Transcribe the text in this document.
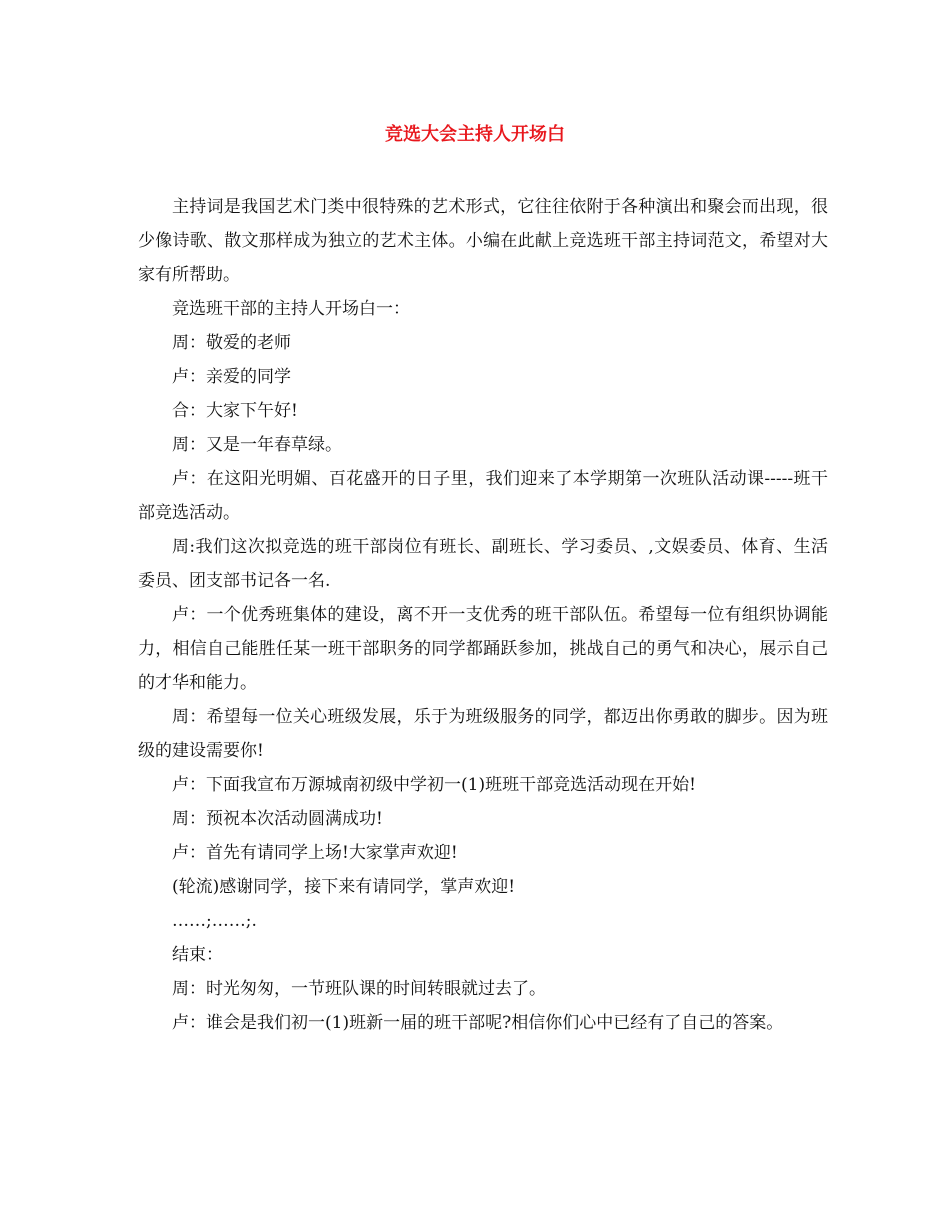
竞选大会主持人开场白

主持词是我国艺术门类中很特殊的艺术形式，它往往依附于各种演出和聚会而出现，很少像诗歌、散文那样成为独立的艺术主体。小编在此献上竞选班干部主持词范文，希望对大家有所帮助。

竞选班干部的主持人开场白一：

周：敬爱的老师

卢：亲爱的同学

合：大家下午好!

周：又是一年春草绿。

卢：在这阳光明媚、百花盛开的日子里，我们迎来了本学期第一次班队活动课-----班干部竞选活动。

周:我们这次拟竞选的班干部岗位有班长、副班长、学习委员、,文娱委员、体育、生活委员、团支部书记各一名.

卢：一个优秀班集体的建设，离不开一支优秀的班干部队伍。希望每一位有组织协调能力，相信自己能胜任某一班干部职务的同学都踊跃参加，挑战自己的勇气和决心，展示自己的才华和能力。

周：希望每一位关心班级发展，乐于为班级服务的同学，都迈出你勇敢的脚步。因为班级的建设需要你!

卢：下面我宣布万源城南初级中学初一(1)班班干部竞选活动现在开始!

周：预祝本次活动圆满成功!

卢：首先有请同学上场!大家掌声欢迎!

(轮流)感谢同学，接下来有请同学，掌声欢迎!

……;……;.

结束：

周：时光匆匆，一节班队课的时间转眼就过去了。

卢：谁会是我们初一(1)班新一届的班干部呢?相信你们心中已经有了自己的答案。
